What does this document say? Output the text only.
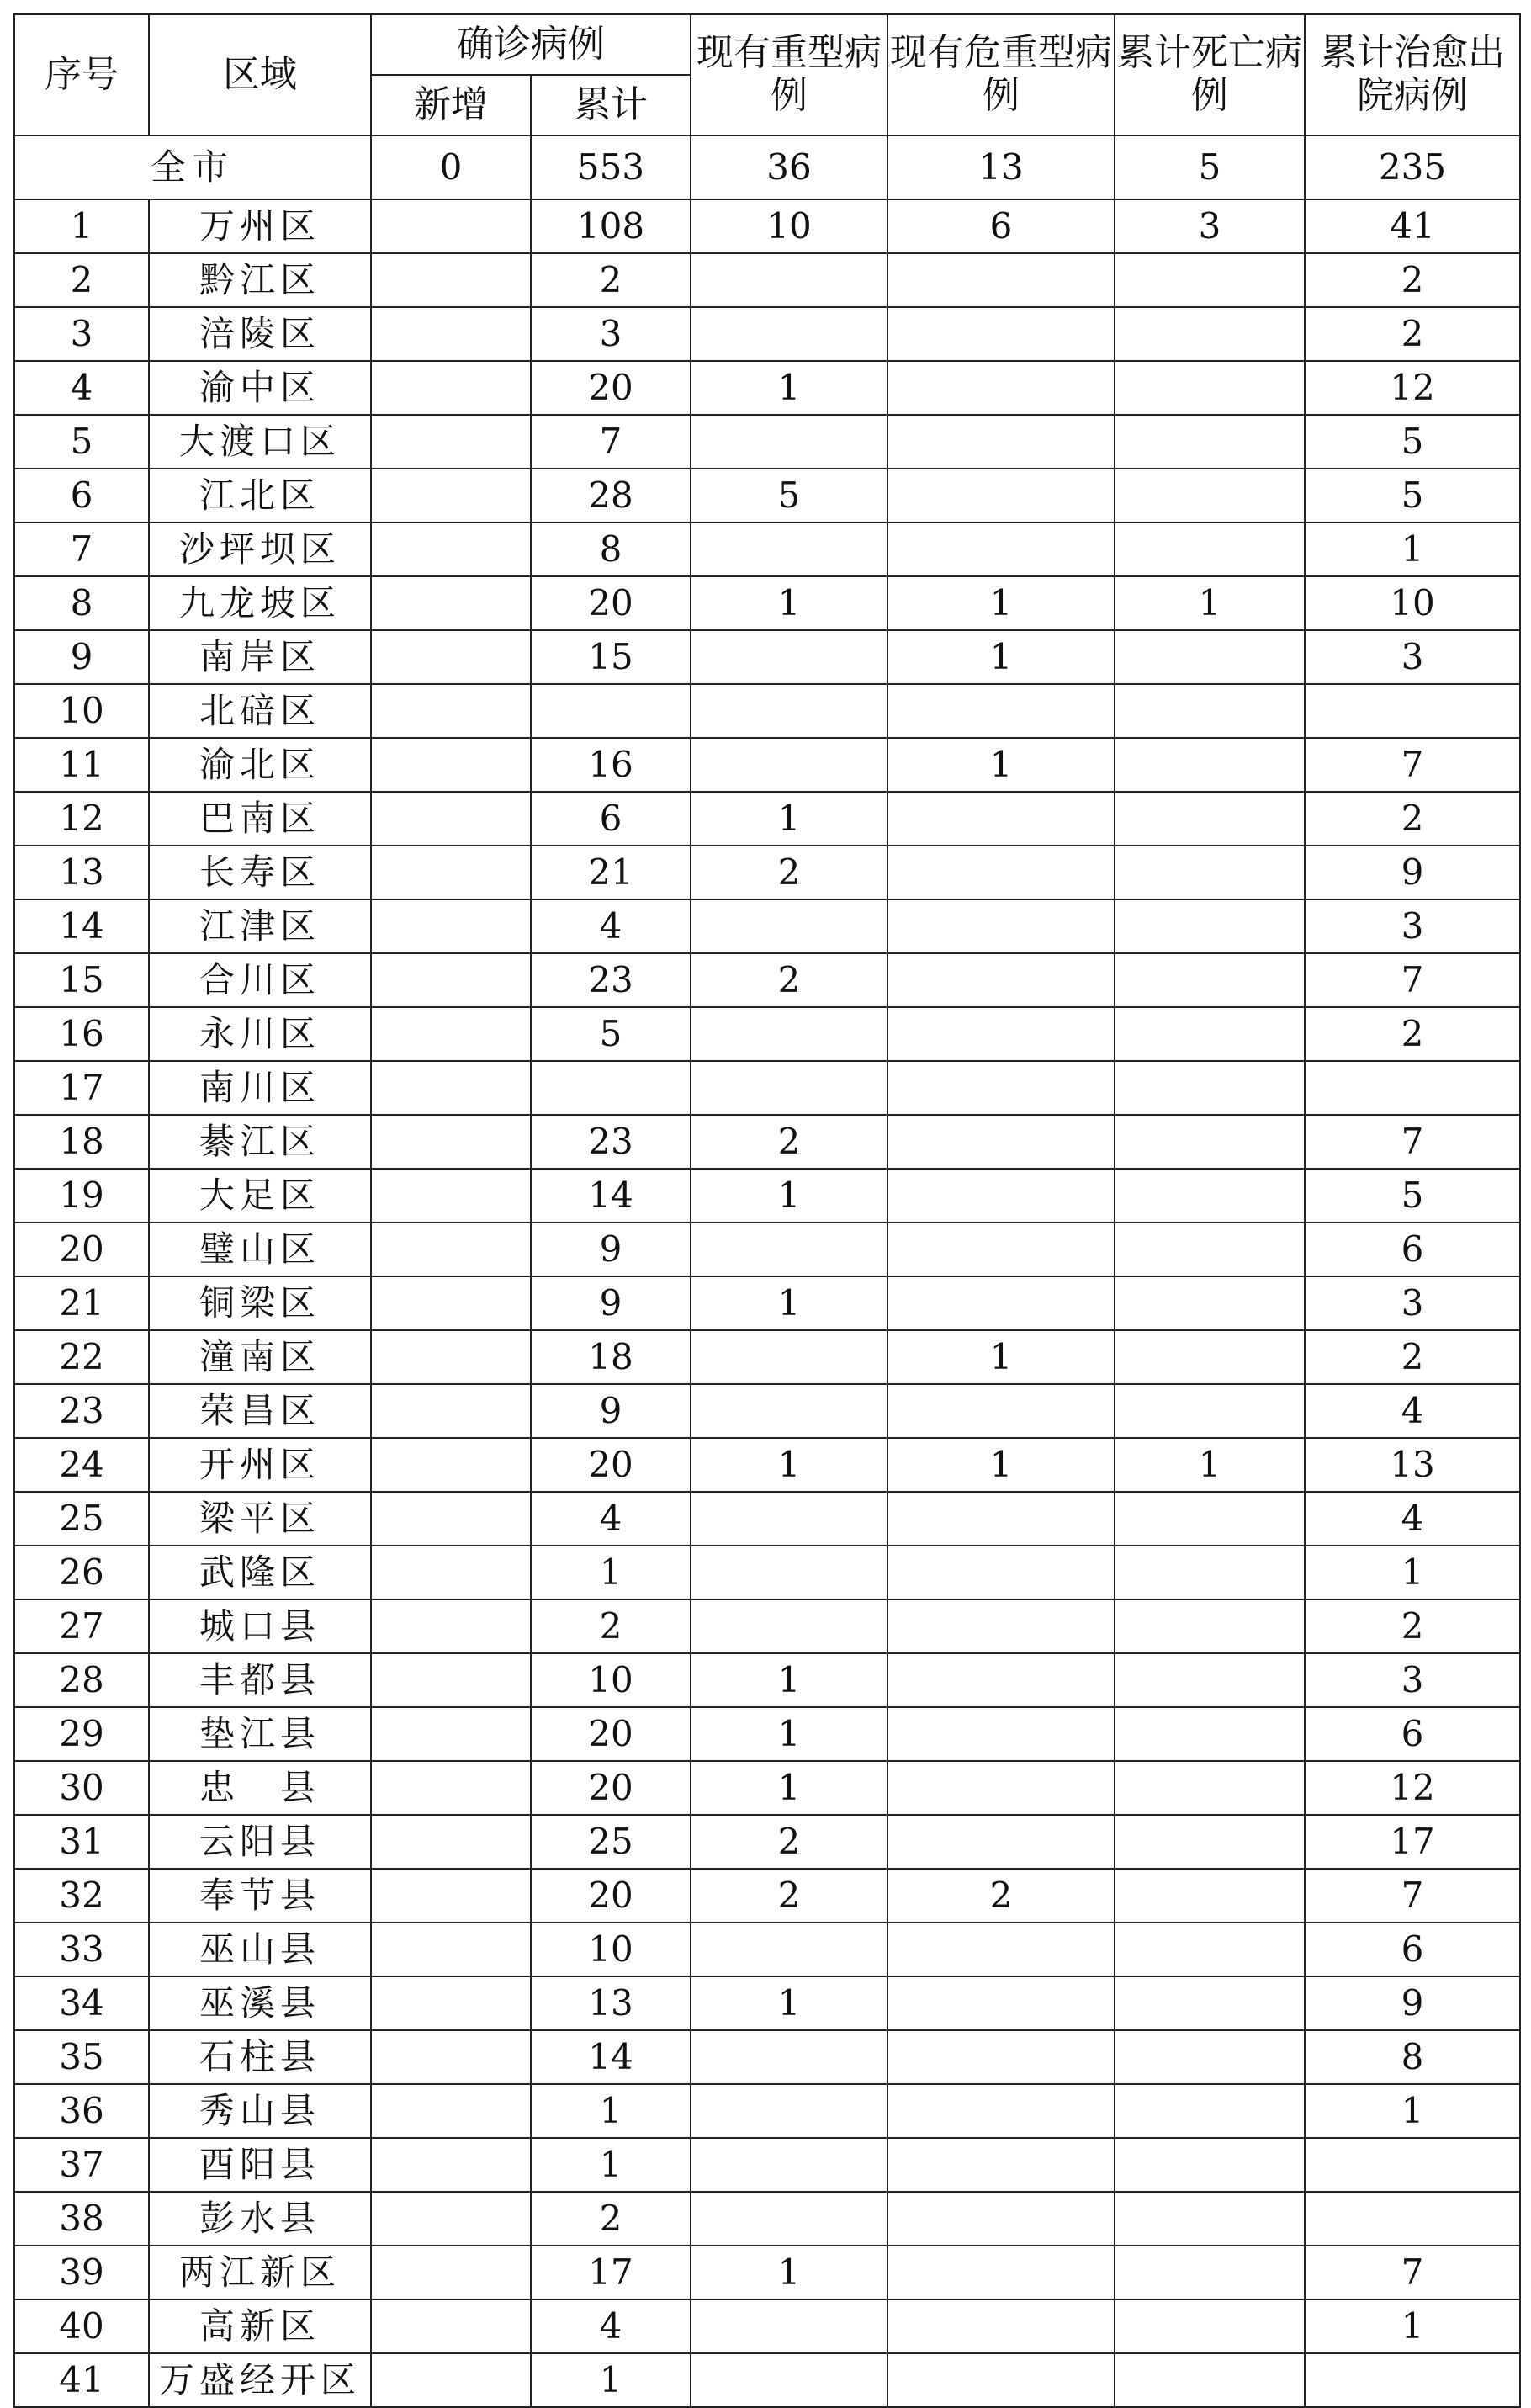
序号	区域	确诊病例		现有重型病例	现有危重型病例	累计死亡病例	累计治愈出院病例
		新增	累计				
全市		0	553	36	13	5	235
1	万州区		108	10	6	3	41
2	黔江区		2				2
3	涪陵区		3				2
4	渝中区		20	1			12
5	大渡口区		7				5
6	江北区		28	5			5
7	沙坪坝区		8				1
8	九龙坡区		20	1	1	1	10
9	南岸区		15		1		3
10	北碚区						
11	渝北区		16		1		7
12	巴南区		6	1			2
13	长寿区		21	2			9
14	江津区		4				3
15	合川区		23	2			7
16	永川区		5				2
17	南川区						
18	綦江区		23	2			7
19	大足区		14	1			5
20	璧山区		9				6
21	铜梁区		9	1			3
22	潼南区		18		1		2
23	荣昌区		9				4
24	开州区		20	1	1	1	13
25	梁平区		4				4
26	武隆区		1				1
27	城口县		2				2
28	丰都县		10	1			3
29	垫江县		20	1			6
30	忠　县		20	1			12
31	云阳县		25	2			17
32	奉节县		20	2	2		7
33	巫山县		10				6
34	巫溪县		13	1			9
35	石柱县		14				8
36	秀山县		1				1
37	酉阳县		1				
38	彭水县		2				
39	两江新区		17	1			7
40	高新区		4				1
41	万盛经开区		1				
